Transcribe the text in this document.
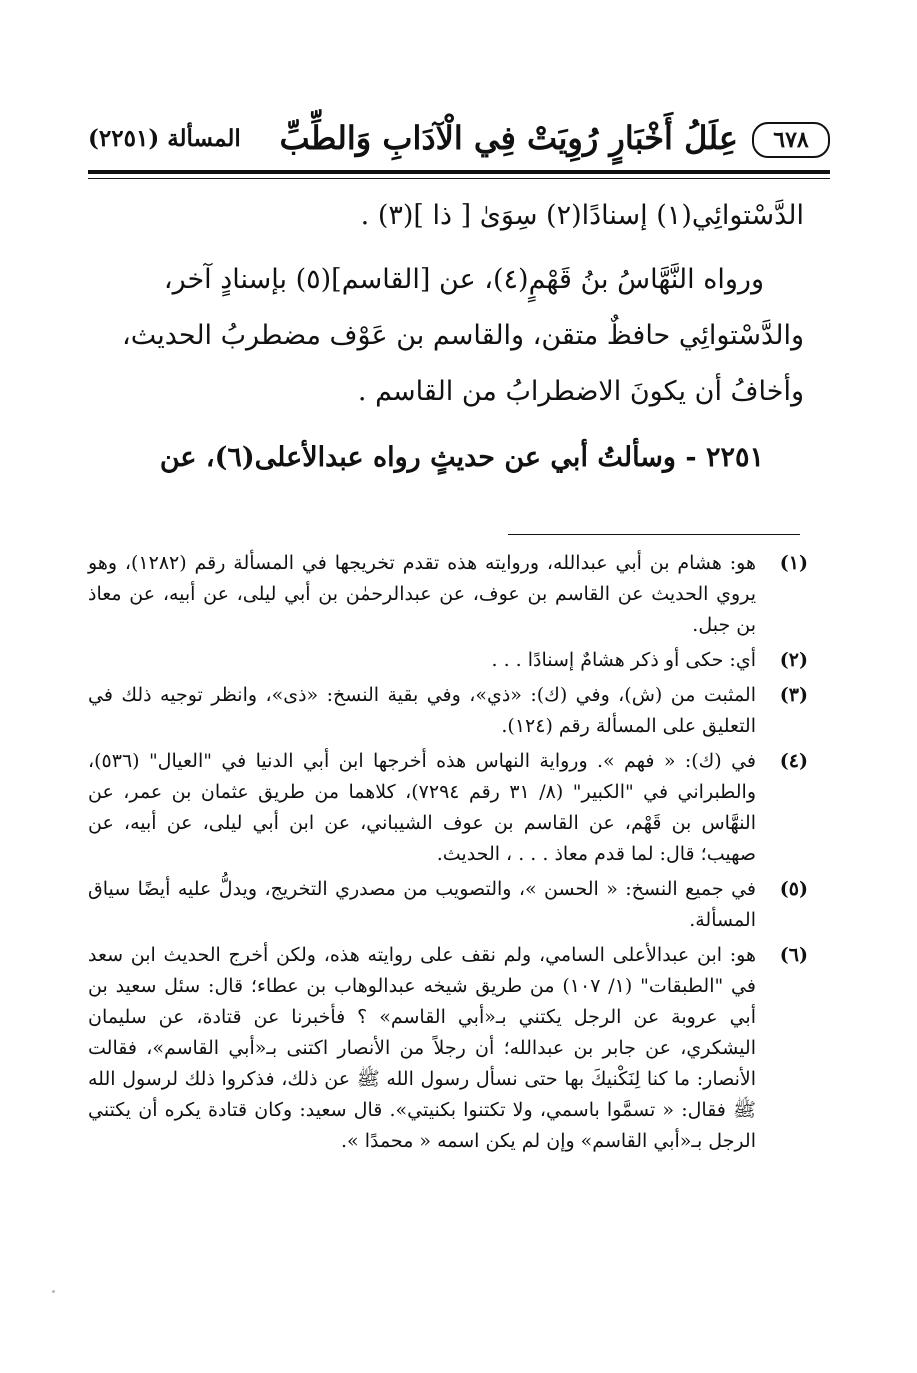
٦٧٨
عِلَلُ أَخْبَارٍ رُوِيَتْ فِي الْآدَابِ وَالطِّبِّ
المسألة (٢٢٥١)

الدَّسْتوائِي(١) إسنادًا(٢) سِوَىٰ [ ذا ](٣) .

ورواه النَّهَّاسُ بنُ قَهْمٍ(٤)، عن [القاسم](٥) بإسنادٍ آخر،

والدَّسْتوائِي حافظٌ متقن، والقاسم بن عَوْف مضطربُ الحديث،

وأخافُ أن يكونَ الاضطرابُ من القاسم .

٢٢٥١ - وسألتُ أبي عن حديثٍ رواه عبدالأعلى(٦)، عن

(١)
هو: هشام بن أبي عبدالله، وروايته هذه تقدم تخريجها في المسألة رقم (١٢٨٢)، وهو يروي الحديث عن القاسم بن عوف، عن عبدالرحمٰن بن أبي ليلى، عن أبيه، عن معاذ بن جبل.
(٢)
أي: حكى أو ذكر هشامٌ إسنادًا . . .
(٣)
المثبت من (ش)، وفي (ك): «ذي»، وفي بقية النسخ: «ذى»، وانظر توجيه ذلك في التعليق على المسألة رقم (١٢٤).
(٤)
في (ك): « فهم ». ورواية النهاس هذه أخرجها ابن أبي الدنيا في "العيال" (٥٣٦)، والطبراني في "الكبير" (٨/ ٣١ رقم ٧٢٩٤)، كلاهما من طريق عثمان بن عمر، عن النهَّاس بن قَهْم، عن القاسم بن عوف الشيباني، عن ابن أبي ليلى، عن أبيه، عن صهيب؛ قال: لما قدم معاذ . . . ، الحديث.
(٥)
في جميع النسخ: « الحسن »، والتصويب من مصدري التخريج، ويدلُّ عليه أيضًا سياق المسألة.
(٦)
هو: ابن عبدالأعلى السامي، ولم نقف على روايته هذه، ولكن أخرج الحديث ابن سعد في "الطبقات" (١/ ١٠٧) من طريق شيخه عبدالوهاب بن عطاء؛ قال: سئل سعيد بن أبي عروبة عن الرجل يكتني بـ«أبي القاسم» ؟ فأخبرنا عن قتادة، عن سليمان اليشكري، عن جابر بن عبدالله؛ أن رجلاً من الأنصار اكتنى بـ«أبي القاسم»، فقالت الأنصار: ما كنا لِنَكْنيكَ بها حتى نسأل رسول الله ﷺ عن ذلك، فذكروا ذلك لرسول الله ﷺ فقال: « تسمَّوا باسمي، ولا تكتنوا بكنيتي». قال سعيد: وكان قتادة يكره أن يكتني الرجل بـ«أبي القاسم» وإن لم يكن اسمه « محمدًا ».
